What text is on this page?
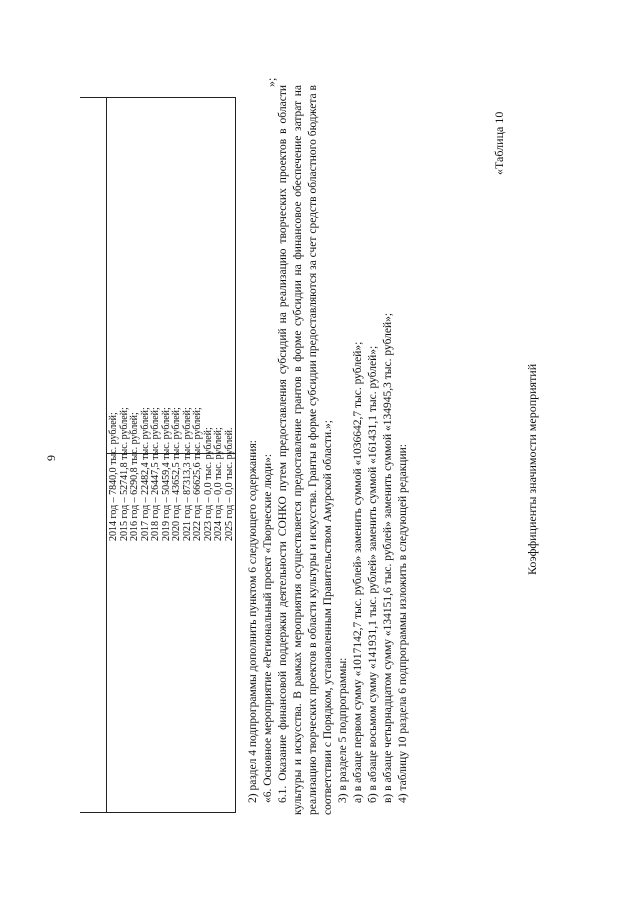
9	2014 год – 7840,0 тыс. рублей; 2015 год – 52741,8 тыс. рублей; 2016 год – 6290,8 тыс. рублей; 2017 год – 22482,4 тыс. рублей; 2018 год – 26447,5 тыс. рублей; 2019 год – 50459,4 тыс. рублей; 2020 год – 43652,5 тыс. рублей; 2021 год – 87313,3 тыс. рублей; 2022 год – 66625,6 тыс. рублей; 2023 год – 0,0 тыс. рублей; 2024 год – 0,0 тыс. рублей; 2025 год – 0,0 тыс. рублей.
»;

2) раздел 4 подпрограммы дополнить пунктом 6 следующего содержания: «6. Основное мероприятие «Региональный проект «Творческие люди»: 6.1. Оказание финансовой поддержки деятельности СОНКО путем предоставления субсидий на реализацию творческих проектов в области культуры и искусства. В рамках мероприятия осуществляется предоставление грантов в форме субсидии на финансовое обеспечение затрат на реализацию творческих проектов в области культуры и искусства. Гранты в форме субсидии предоставляются за счет средств областного бюджета в соответствии с Порядком, установленным Правительством Амурской области.»; 3) в разделе 5 подпрограммы: а) в абзаце первом сумму «1017142,7 тыс. рублей» заменить суммой «1036642,7 тыс. рублей»; б) в абзаце восьмом сумму «141931,1 тыс. рублей» заменить суммой «161431,1 тыс. рублей»; в) в абзаце четырнадцатом сумму «134151,6 тыс. рублей» заменить суммой «134945,3 тыс. рублей»; 4) таблицу 10 раздела 6 подпрограммы изложить в следующей редакции:

«Таблица 10
Коэффициенты значимости мероприятий
